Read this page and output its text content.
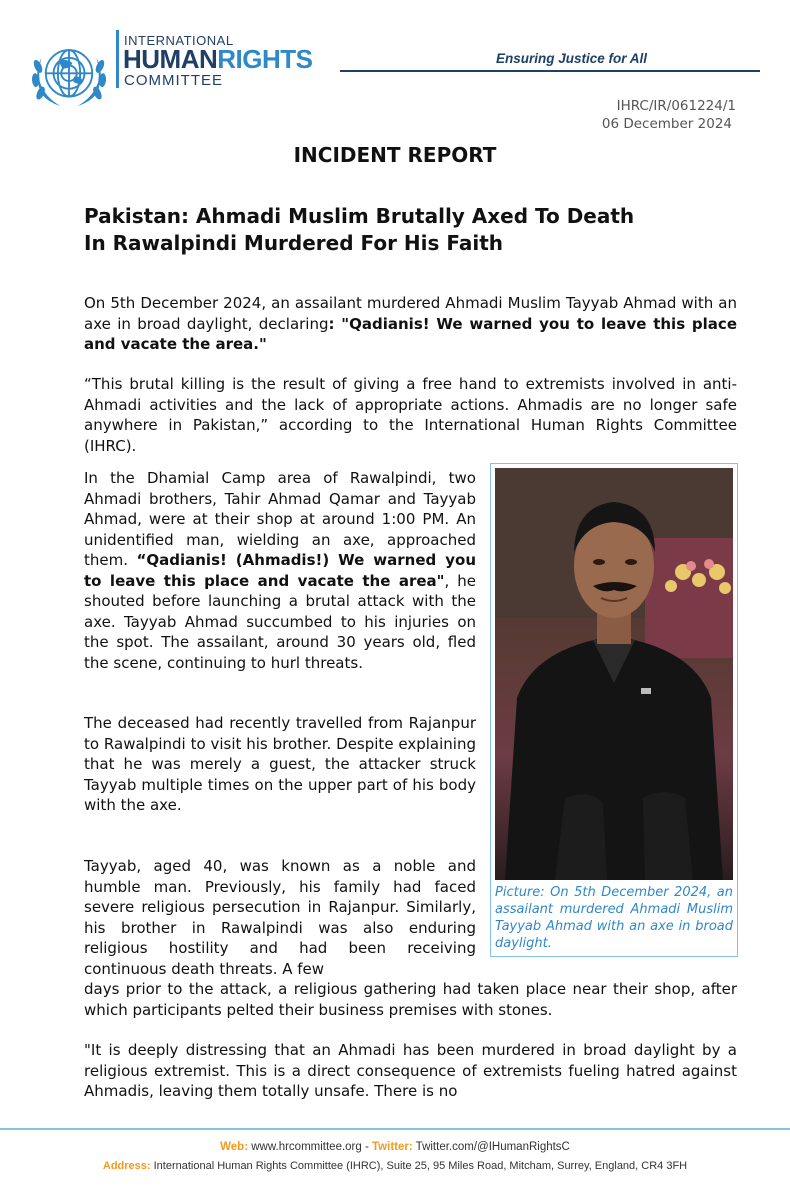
INTERNATIONAL
HUMANRIGHTS
COMMITTEE
Ensuring Justice for All
IHRC/IR/061224/1
06 December 2024
INCIDENT REPORT
Pakistan: Ahmadi Muslim Brutally Axed To Death
In Rawalpindi Murdered For His Faith

On 5th December 2024, an assailant murdered Ahmadi Muslim Tayyab Ahmad with an axe in broad daylight, declaring: "Qadianis! We warned you to leave this place and vacate the area."

“This brutal killing is the result of giving a free hand to extremists involved in anti-Ahmadi activities and the lack of appropriate actions. Ahmadis are no longer safe anywhere in Pakistan,” according to the International Human Rights Committee (IHRC).

In the Dhamial Camp area of Rawalpindi, two Ahmadi brothers, Tahir Ahmad Qamar and Tayyab Ahmad, were at their shop at around 1:00 PM. An unidentified man, wielding an axe, approached them. “Qadianis! (Ahmadis!) We warned you to leave this place and vacate the area", he shouted before launching a brutal attack with the axe. Tayyab Ahmad succumbed to his injuries on the spot. The assailant, around 30 years old, fled the scene, continuing to hurl threats.

The deceased had recently travelled from Rajanpur to Rawalpindi to visit his brother. Despite explaining that he was merely a guest, the attacker struck Tayyab multiple times on the upper part of his body with the axe.

Tayyab, aged 40, was known as a noble and humble man. Previously, his family had faced severe religious persecution in Rajanpur. Similarly, his brother in Rawalpindi was also enduring religious hostility and had been receiving continuous death threats. A few

days prior to the attack, a religious gathering had taken place near their shop, after which participants pelted their business premises with stones.

"It is deeply distressing that an Ahmadi has been murdered in broad daylight by a religious extremist. This is a direct consequence of extremists fueling hatred against Ahmadis, leaving them totally unsafe. There is no

Picture: On 5th December 2024, an assailant murdered Ahmadi Muslim Tayyab Ahmad with an axe in broad daylight.

Web: www.hrcommittee.org - Twitter: Twitter.com/@IHumanRightsC
Address: International Human Rights Committee (IHRC), Suite 25, 95 Miles Road, Mitcham, Surrey, England, CR4 3FH
